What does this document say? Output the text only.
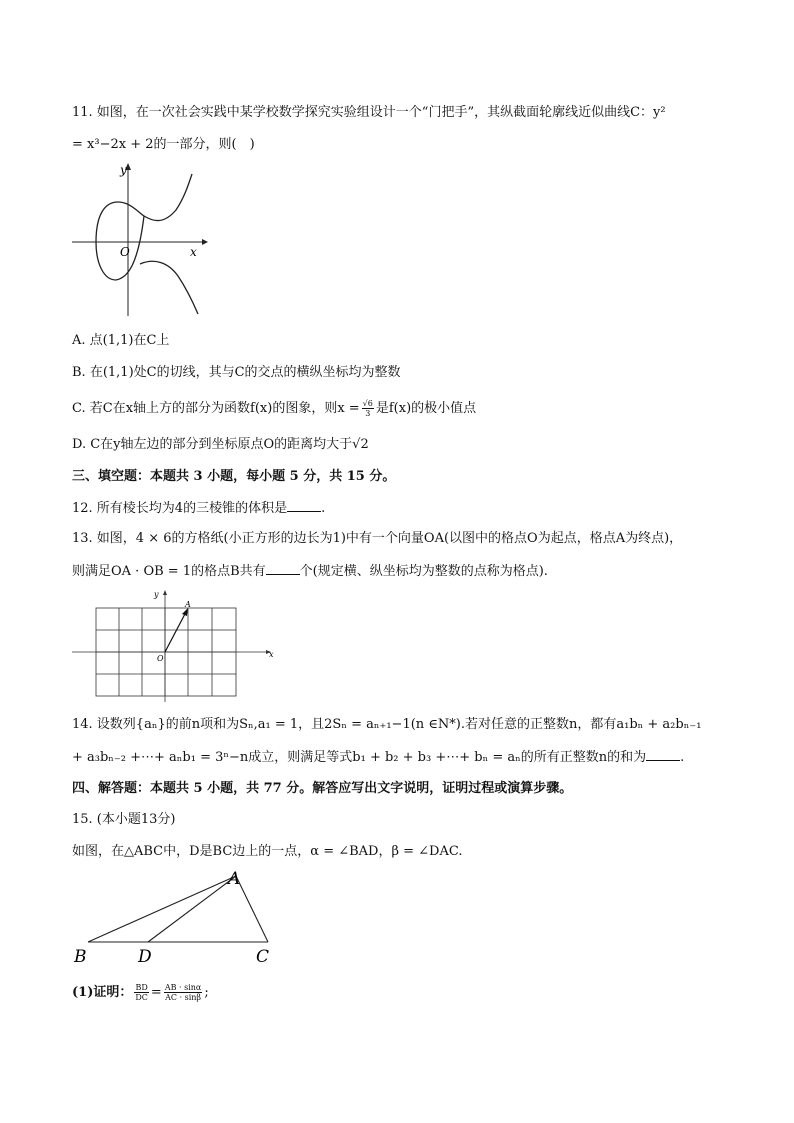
11. 如图，在一次社会实践中某学校数学探究实验组设计一个“门把手”，其纵截面轮廓线近似曲线C：y²
= x³−2x + 2的一部分，则(　)
y
x
O
A. 点(1,1)在C上
B. 在(1,1)处C的切线，其与C的交点的横纵坐标均为整数
C. 若C在x轴上方的部分为函数f(x)的图象，则$x = \frac{√6}{3}$ 是f(x)的极小值点
D. C在y轴左边的部分到坐标原点O的距离均大于√2
三、填空题：本题共 3 小题，每小题 5 分，共 15 分。
12. 所有棱长均为4的三棱锥的体积是	.
13. 如图，4 × 6的方格纸(小正方形的边长为1)中有一个向量OA(以图中的格点O为起点，格点A为终点)，
则满足OA · OB = 1的格点B共有	个(规定横、纵坐标均为整数的点称为格点).
y
x
O
A
14. 设数列{aₙ}的前n项和为Sₙ,a₁ = 1，且2Sₙ = aₙ₊₁−1(n ∈N*).若对任意的正整数n，都有a₁bₙ + a₂bₙ₋₁
+ a₃bₙ₋₂ +⋯+ aₙb₁ = 3ⁿ−n成立，则满足等式b₁ + b₂ + b₃ +⋯+ bₙ = aₙ的所有正整数n的和为	.
四、解答题：本题共 5 小题，共 77 分。解答应写出文字说明，证明过程或演算步骤。
15. (本小题13分)
如图，在△ABC中，D是BC边上的一点，α = ∠BAD，β = ∠DAC.
A
B	D	C
(1)证明： $\frac{BD}{DC} = \frac{AB \cdot \sin\alpha}{AC \cdot \sin\beta}$ ;
